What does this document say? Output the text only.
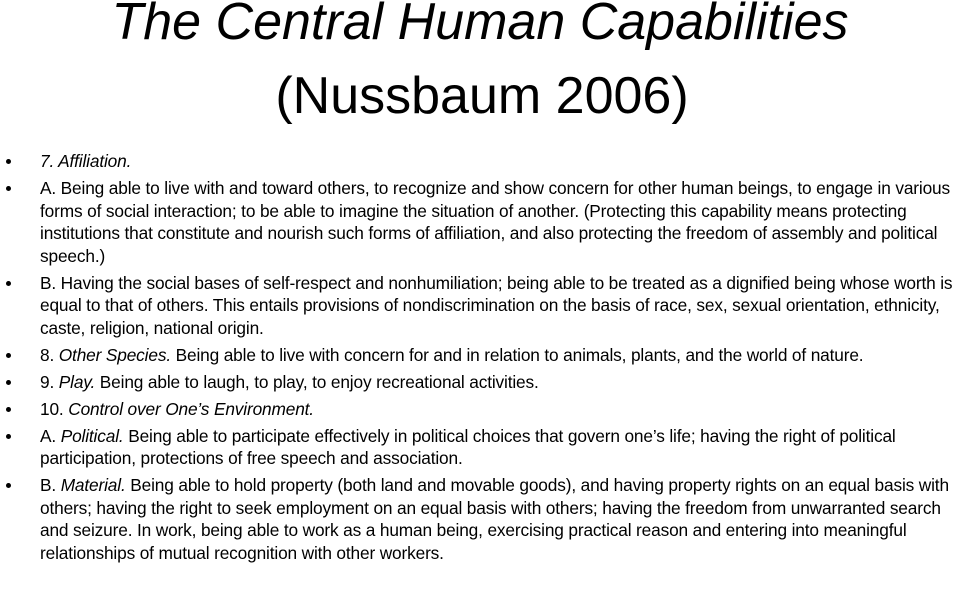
The Central Human Capabilities
(Nussbaum 2006)
7. Affiliation.
A. Being able to live with and toward others, to recognize and show concern for other human beings, to engage in various forms of social interaction; to be able to imagine the situation of another. (Protecting this capability means protecting institutions that constitute and nourish such forms of affiliation, and also protecting the freedom of assembly and political speech.)
B. Having the social bases of self-respect and nonhumiliation; being able to be treated as a dignified being whose worth is equal to that of others. This entails provisions of nondiscrimination on the basis of race, sex, sexual orientation, ethnicity, caste, religion, national origin.
8. Other Species. Being able to live with concern for and in relation to animals, plants, and the world of nature.
9. Play. Being able to laugh, to play, to enjoy recreational activities.
10. Control over One’s Environment.
A. Political. Being able to participate effectively in political choices that govern one’s life; having the right of political participation, protections of free speech and association.
B. Material. Being able to hold property (both land and movable goods), and having property rights on an equal basis with others; having the right to seek employment on an equal basis with others; having the freedom from unwarranted search and seizure. In work, being able to work as a human being, exercising practical reason and entering into meaningful relationships of mutual recognition with other workers.
